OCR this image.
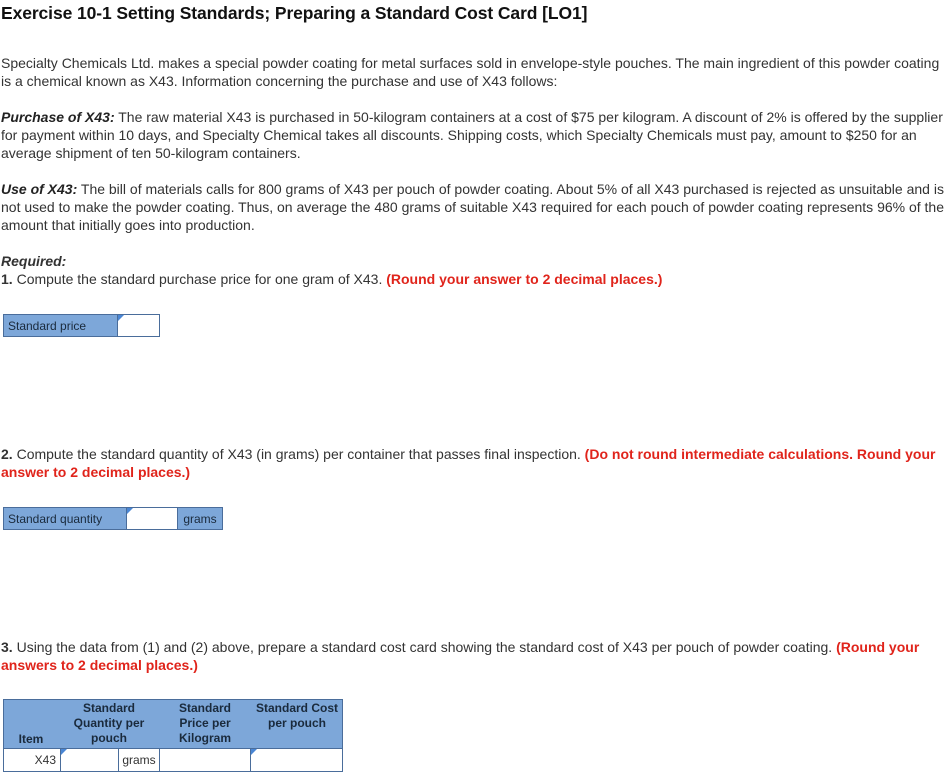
Exercise 10-1 Setting Standards; Preparing a Standard Cost Card [LO1]

Specialty Chemicals Ltd. makes a special powder coating for metal surfaces sold in envelope-style pouches. The main ingredient of this powder coating is a chemical known as X43. Information concerning the purchase and use of X43 follows:

Purchase of X43: The raw material X43 is purchased in 50-kilogram containers at a cost of $75 per kilogram. A discount of 2% is offered by the supplier for payment within 10 days, and Specialty Chemical takes all discounts. Shipping costs, which Specialty Chemicals must pay, amount to $250 for an average shipment of ten 50-kilogram containers.

Use of X43: The bill of materials calls for 800 grams of X43 per pouch of powder coating. About 5% of all X43 purchased is rejected as unsuitable and is not used to make the powder coating. Thus, on average the 480 grams of suitable X43 required for each pouch of powder coating represents 96% of the amount that initially goes into production.

Required:

1. Compute the standard purchase price for one gram of X43. (Round your answer to 2 decimal places.)

Standard price

2. Compute the standard quantity of X43 (in grams) per container that passes final inspection. (Do not round intermediate calculations. Round your answer to 2 decimal places.)

Standard quantity	grams

3. Using the data from (1) and (2) above, prepare a standard cost card showing the standard cost of X43 per pouch of powder coating. (Round your answers to 2 decimal places.)

Item
Standard Quantity per pouch
Standard Price per Kilogram
Standard Cost per pouch
X43	grams
